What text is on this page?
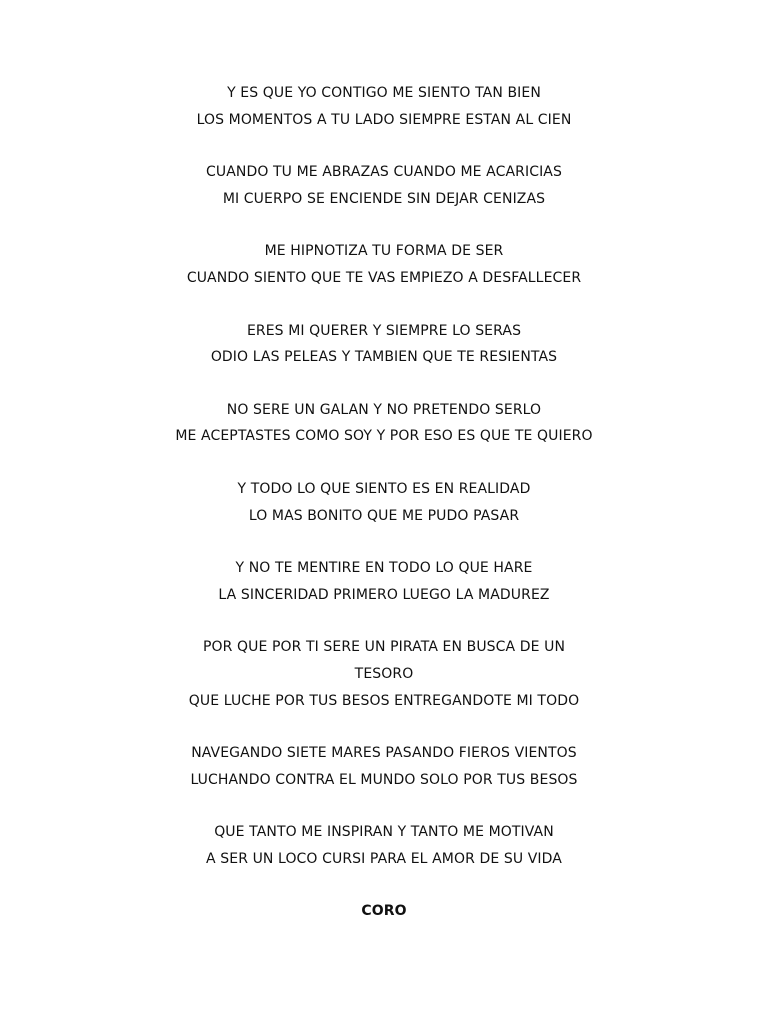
Y ES QUE YO CONTIGO ME SIENTO TAN BIEN
LOS MOMENTOS A TU LADO SIEMPRE ESTAN AL CIEN
CUANDO TU ME ABRAZAS CUANDO ME ACARICIAS
MI CUERPO SE ENCIENDE SIN DEJAR CENIZAS
ME HIPNOTIZA TU FORMA DE SER
CUANDO SIENTO QUE TE VAS EMPIEZO A DESFALLECER
ERES MI QUERER Y SIEMPRE LO SERAS
ODIO LAS PELEAS Y TAMBIEN QUE TE RESIENTAS
NO SERE UN GALAN Y NO PRETENDO SERLO
ME ACEPTASTES COMO SOY Y POR ESO ES QUE TE QUIERO
Y TODO LO QUE SIENTO ES EN REALIDAD
LO MAS BONITO QUE ME PUDO PASAR
Y NO TE MENTIRE EN TODO LO QUE HARE
LA SINCERIDAD PRIMERO LUEGO LA MADUREZ
POR QUE POR TI SERE UN PIRATA EN BUSCA DE UN
TESORO
QUE LUCHE POR TUS BESOS ENTREGANDOTE MI TODO
NAVEGANDO SIETE MARES PASANDO FIEROS VIENTOS
LUCHANDO CONTRA EL MUNDO SOLO POR TUS BESOS
QUE TANTO ME INSPIRAN Y TANTO ME MOTIVAN
A SER UN LOCO CURSI PARA EL AMOR DE SU VIDA
CORO
